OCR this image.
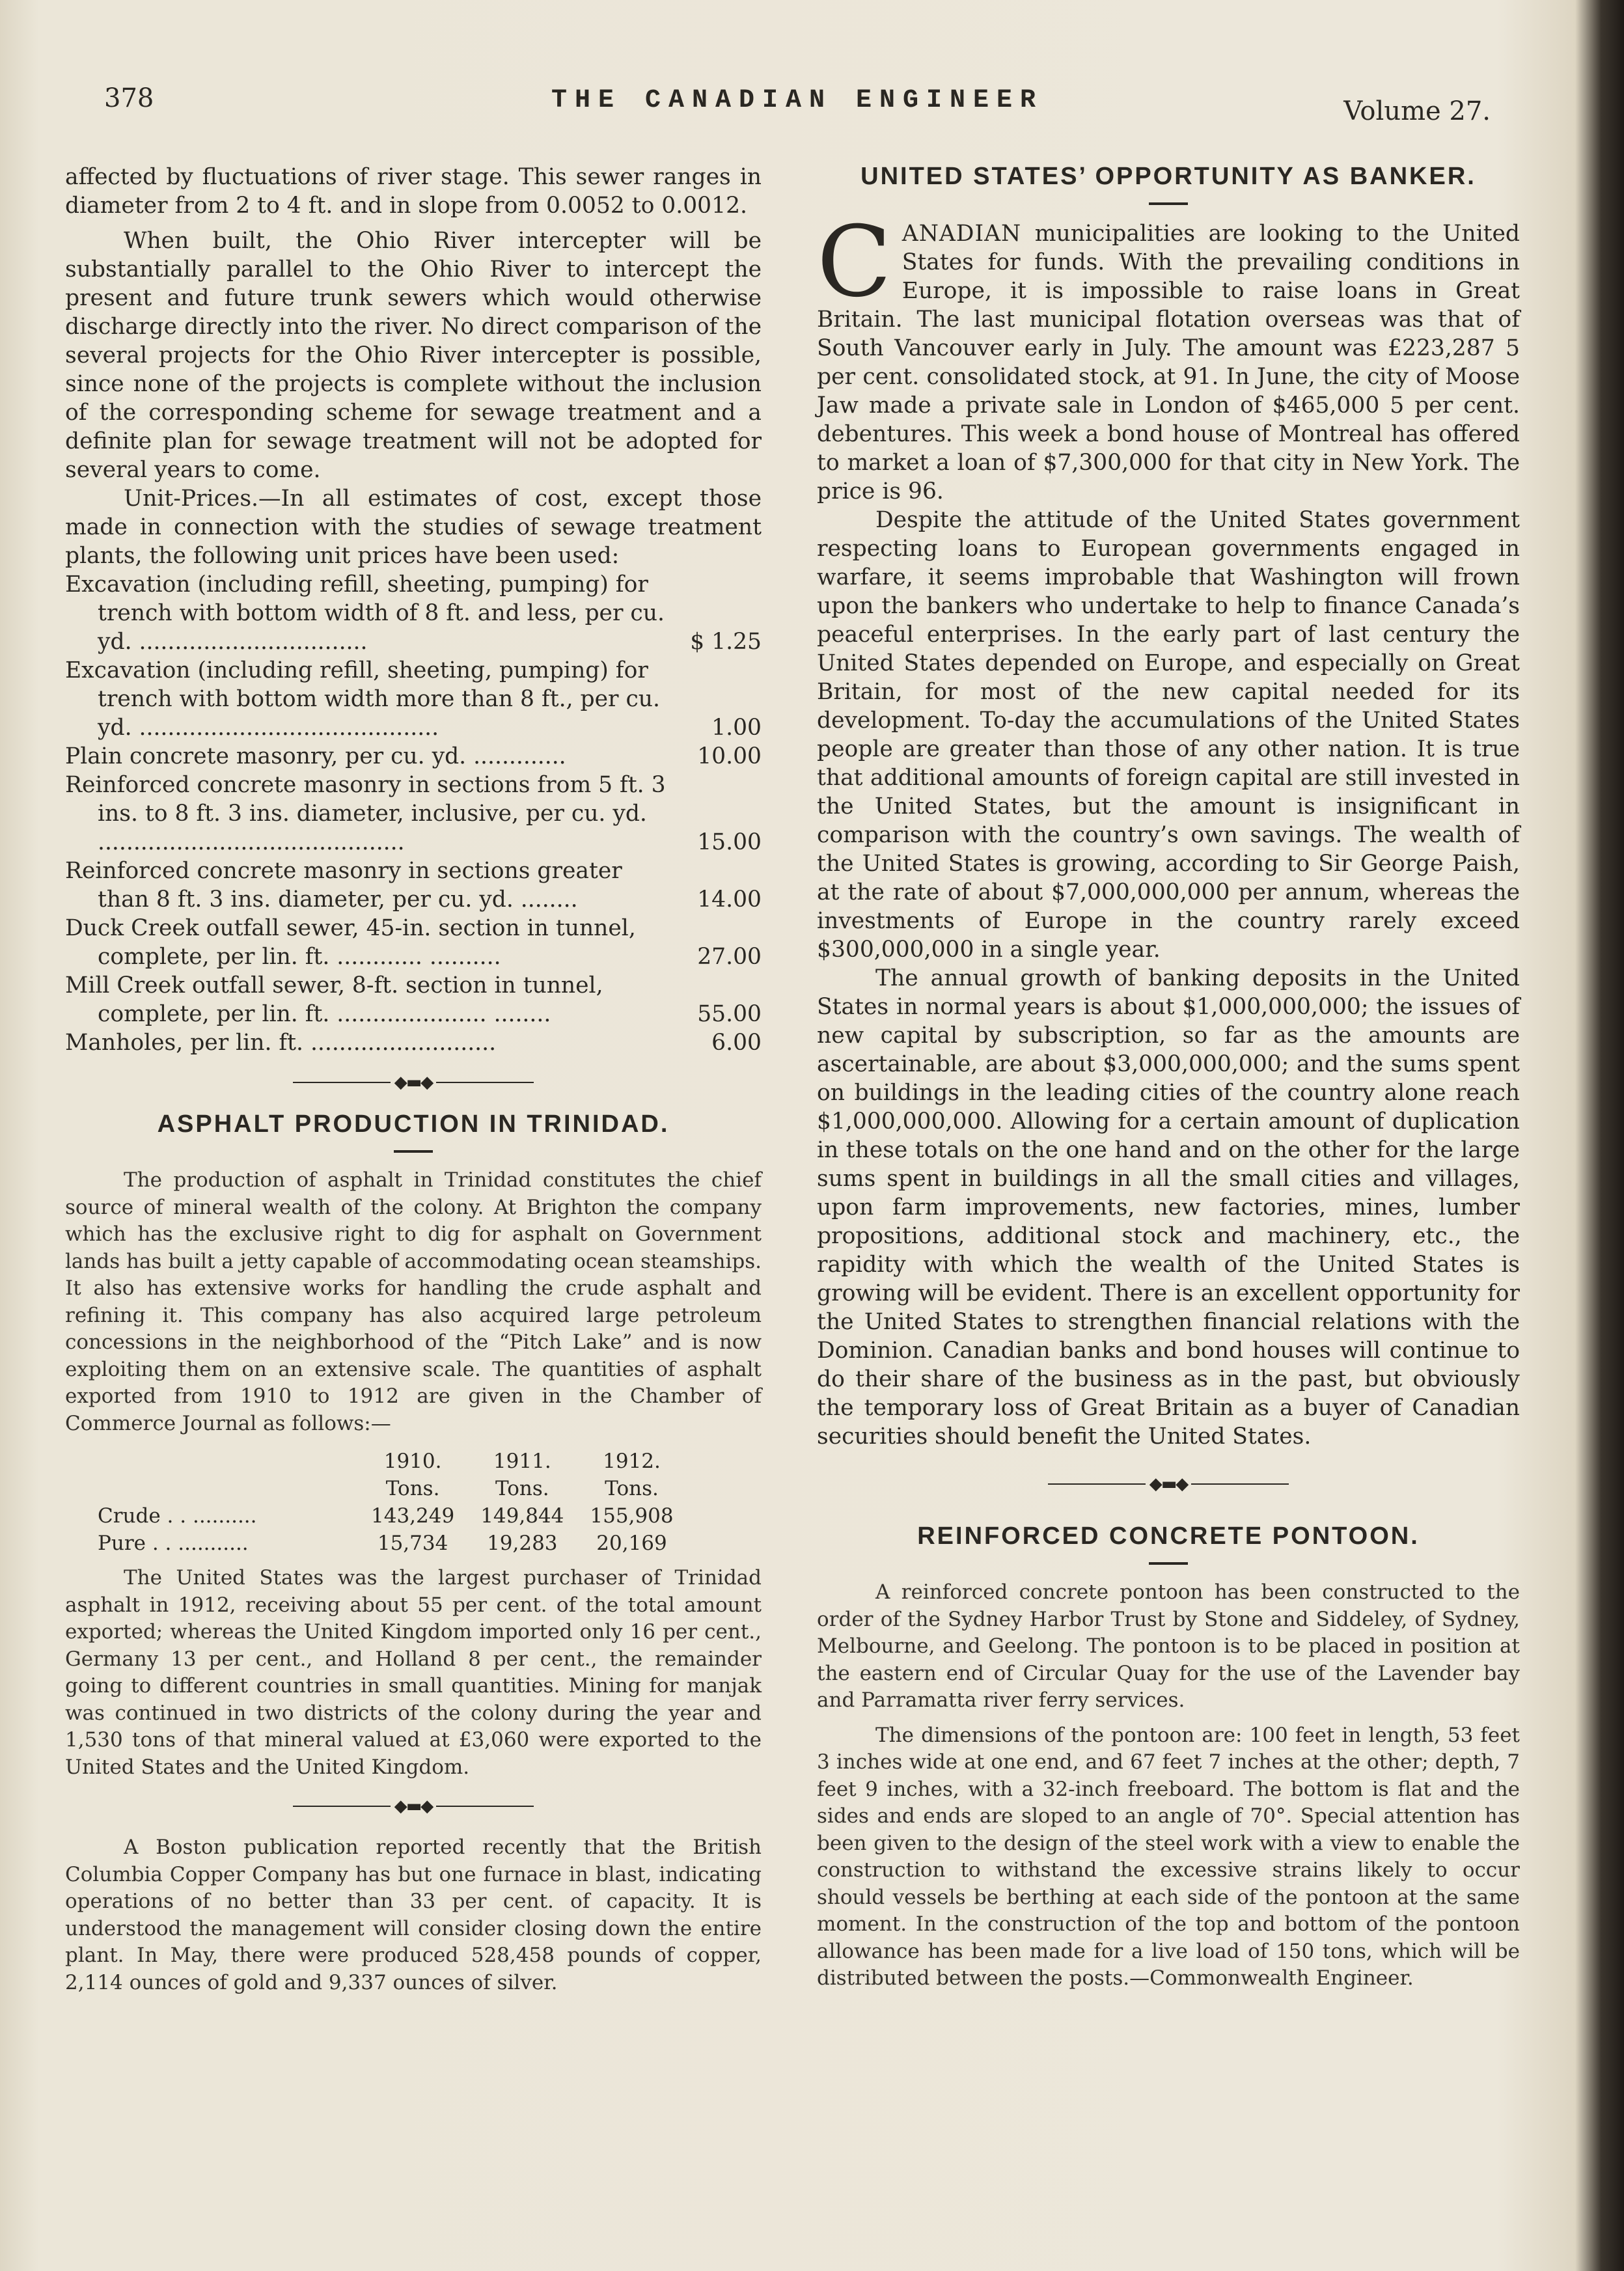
378	THE CANADIAN ENGINEER	Volume 27.

affected by fluctuations of river stage. This sewer ranges in diameter from 2 to 4 ft. and in slope from 0.0052 to 0.0012.

When built, the Ohio River intercepter will be substantially parallel to the Ohio River to intercept the present and future trunk sewers which would otherwise discharge directly into the river. No direct comparison of the several projects for the Ohio River intercepter is possible, since none of the projects is complete without the inclusion of the corresponding scheme for sewage treatment and a definite plan for sewage treatment will not be adopted for several years to come.

Unit-Prices.—In all estimates of cost, except those made in connection with the studies of sewage treatment plants, the following unit prices have been used:

Excavation (including refill, sheeting, pumping) for trench with bottom width of 8 ft. and less, per cu. yd. ................................	$ 1.25
Excavation (including refill, sheeting, pumping) for trench with bottom width more than 8 ft., per cu. yd. ..........................................	1.00
Plain concrete masonry, per cu. yd. .............	10.00
Reinforced concrete masonry in sections from 5 ft. 3 ins. to 8 ft. 3 ins. diameter, inclusive, per cu. yd. ...........................................	15.00
Reinforced concrete masonry in sections greater than 8 ft. 3 ins. diameter, per cu. yd. ........	14.00
Duck Creek outfall sewer, 45-in. section in tunnel, complete, per lin. ft. ............ ..........	27.00
Mill Creek outfall sewer, 8-ft. section in tunnel, complete, per lin. ft. ..................... ........	55.00
Manholes, per lin. ft. ..........................	6.00
◆▬◆
ASPHALT PRODUCTION IN TRINIDAD.

The production of asphalt in Trinidad constitutes the chief source of mineral wealth of the colony. At Brighton the company which has the exclusive right to dig for asphalt on Government lands has built a jetty capable of accommodating ocean steamships. It also has extensive works for handling the crude asphalt and refining it. This company has also acquired large petroleum concessions in the neighborhood of the “Pitch Lake” and is now exploiting them on an extensive scale. The quantities of asphalt exported from 1910 to 1912 are given in the Chamber of Commerce Journal as follows:—

	1910.	1911.	1912.
	Tons.	Tons.	Tons.
Crude . . ..........	143,249	149,844	155,908
Pure . . ...........	15,734	19,283	20,169

The United States was the largest purchaser of Trinidad asphalt in 1912, receiving about 55 per cent. of the total amount exported; whereas the United Kingdom imported only 16 per cent., Germany 13 per cent., and Holland 8 per cent., the remainder going to different countries in small quantities. Mining for manjak was continued in two districts of the colony during the year and 1,530 tons of that mineral valued at £3,060 were exported to the United States and the United Kingdom.

◆▬◆

A Boston publication reported recently that the British Columbia Copper Company has but one furnace in blast, indicating operations of no better than 33 per cent. of capacity. It is understood the management will consider closing down the entire plant. In May, there were produced 528,458 pounds of copper, 2,114 ounces of gold and 9,337 ounces of silver.

UNITED STATES’ OPPORTUNITY AS BANKER.

CANADIAN municipalities are looking to the United States for funds. With the prevailing conditions in Europe, it is impossible to raise loans in Great Britain. The last municipal flotation overseas was that of South Vancouver early in July. The amount was £223,287 5 per cent. consolidated stock, at 91. In June, the city of Moose Jaw made a private sale in London of $465,000 5 per cent. debentures. This week a bond house of Montreal has offered to market a loan of $7,300,000 for that city in New York. The price is 96.

Despite the attitude of the United States government respecting loans to European governments engaged in warfare, it seems improbable that Washington will frown upon the bankers who undertake to help to finance Canada’s peaceful enterprises. In the early part of last century the United States depended on Europe, and especially on Great Britain, for most of the new capital needed for its development. To-day the accumulations of the United States people are greater than those of any other nation. It is true that additional amounts of foreign capital are still invested in the United States, but the amount is insignificant in comparison with the country’s own savings. The wealth of the United States is growing, according to Sir George Paish, at the rate of about $7,000,000,000 per annum, whereas the investments of Europe in the country rarely exceed $300,000,000 in a single year.

The annual growth of banking deposits in the United States in normal years is about $1,000,000,000; the issues of new capital by subscription, so far as the amounts are ascertainable, are about $3,000,000,000; and the sums spent on buildings in the leading cities of the country alone reach $1,000,000,000. Allowing for a certain amount of duplication in these totals on the one hand and on the other for the large sums spent in buildings in all the small cities and villages, upon farm improvements, new factories, mines, lumber propositions, additional stock and machinery, etc., the rapidity with which the wealth of the United States is growing will be evident. There is an excellent opportunity for the United States to strengthen financial relations with the Dominion. Canadian banks and bond houses will continue to do their share of the business as in the past, but obviously the temporary loss of Great Britain as a buyer of Canadian securities should benefit the United States.

◆▬◆
REINFORCED CONCRETE PONTOON.

A reinforced concrete pontoon has been constructed to the order of the Sydney Harbor Trust by Stone and Siddeley, of Sydney, Melbourne, and Geelong. The pontoon is to be placed in position at the eastern end of Circular Quay for the use of the Lavender bay and Parramatta river ferry services.

The dimensions of the pontoon are: 100 feet in length, 53 feet 3 inches wide at one end, and 67 feet 7 inches at the other; depth, 7 feet 9 inches, with a 32-inch freeboard. The bottom is flat and the sides and ends are sloped to an angle of 70°. Special attention has been given to the design of the steel work with a view to enable the construction to withstand the excessive strains likely to occur should vessels be berthing at each side of the pontoon at the same moment. In the construction of the top and bottom of the pontoon allowance has been made for a live load of 150 tons, which will be distributed between the posts.—Commonwealth Engineer.
